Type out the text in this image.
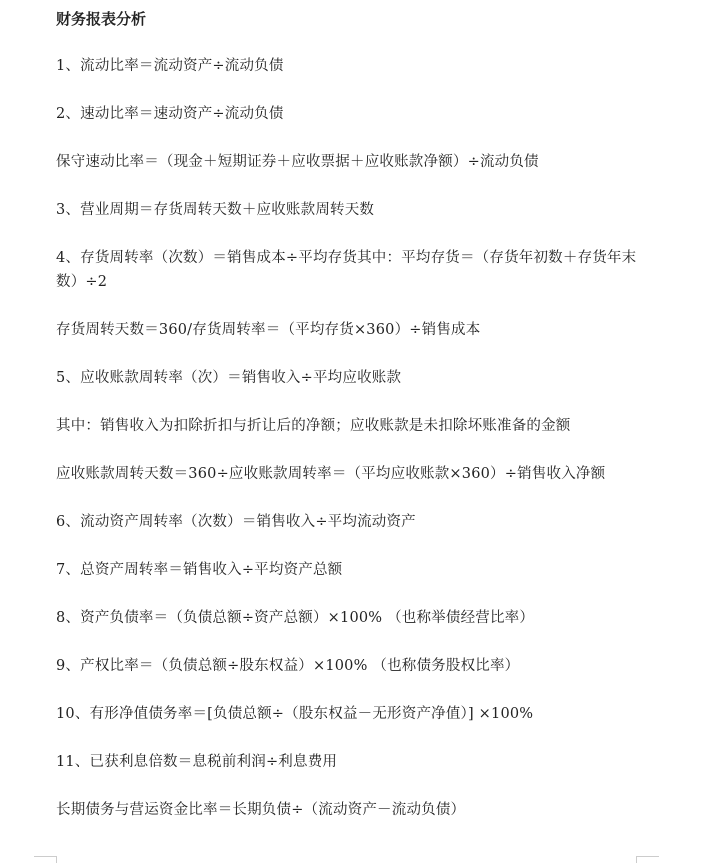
财务报表分析
1、流动比率＝流动资产÷流动负债
2、速动比率＝速动资产÷流动负债
保守速动比率＝（现金＋短期证券＋应收票据＋应收账款净额）÷流动负债
3、营业周期＝存货周转天数＋应收账款周转天数
4、存货周转率（次数）＝销售成本÷平均存货其中：平均存货＝（存货年初数＋存货年末数）÷2
存货周转天数＝360/存货周转率＝（平均存货×360）÷销售成本
5、应收账款周转率（次）＝销售收入÷平均应收账款
其中：销售收入为扣除折扣与折让后的净额；应收账款是未扣除坏账准备的金额
应收账款周转天数＝360÷应收账款周转率＝（平均应收账款×360）÷销售收入净额
6、流动资产周转率（次数）＝销售收入÷平均流动资产
7、总资产周转率＝销售收入÷平均资产总额
8、资产负债率＝（负债总额÷资产总额）×100% （也称举债经营比率）
9、产权比率＝（负债总额÷股东权益）×100% （也称债务股权比率）
10、有形净值债务率＝[负债总额÷（股东权益－无形资产净值）] ×100%
11、已获利息倍数＝息税前利润÷利息费用
长期债务与营运资金比率＝长期负债÷（流动资产－流动负债）
